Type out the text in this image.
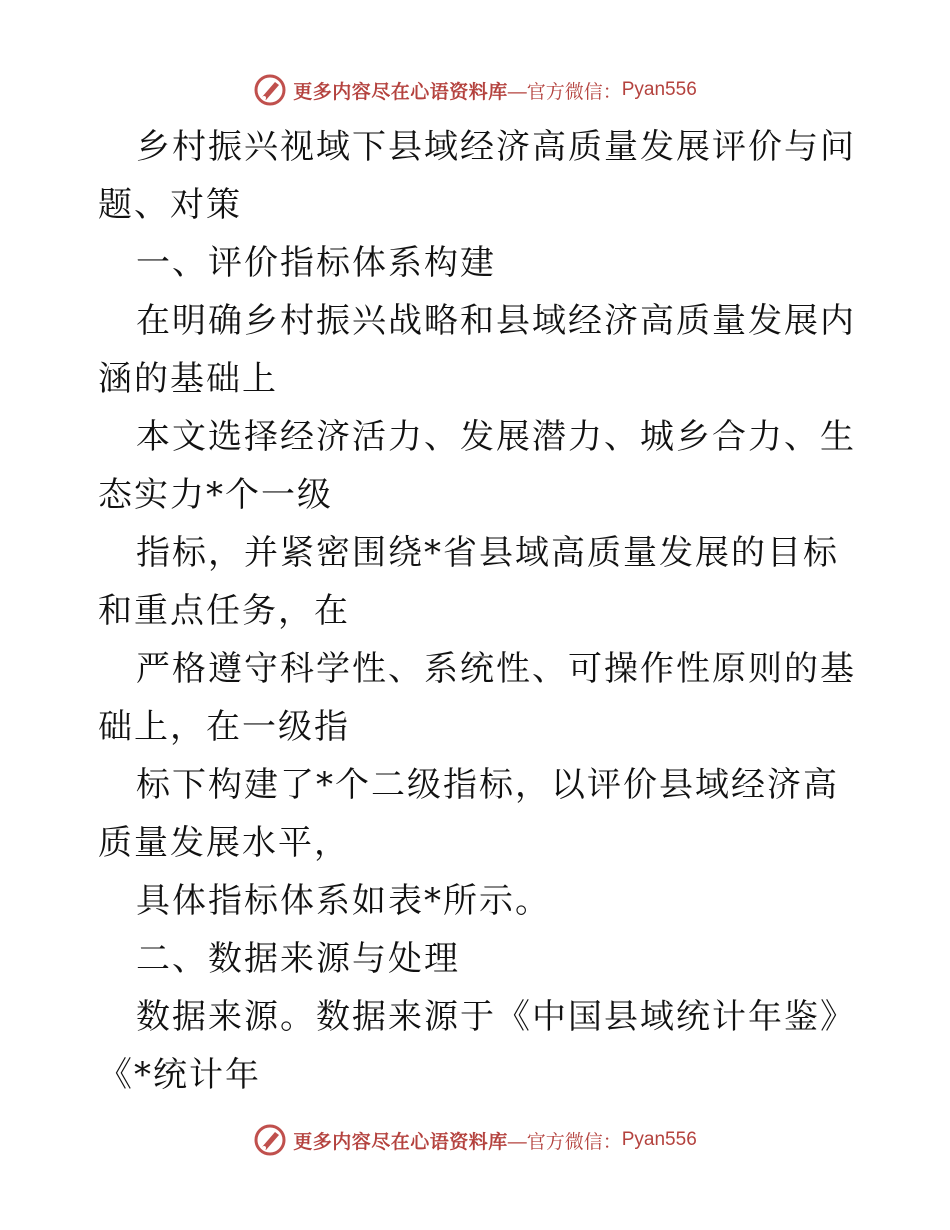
更多内容尽在心语资料库 —官方微信： Pyan556

乡村振兴视域下县域经济高质量发展评价与问题、对策

一、评价指标体系构建

在明确乡村振兴战略和县域经济高质量发展内涵的基础上

本文选择经济活力、发展潜力、城乡合力、生态实力*个一级

指标，并紧密围绕*省县域高质量发展的目标和重点任务，在

严格遵守科学性、系统性、可操作性原则的基础上，在一级指

标下构建了*个二级指标，以评价县域经济高质量发展水平，

具体指标体系如表*所示。

二、数据来源与处理

数据来源。数据来源于《中国县域统计年鉴》《*统计年

更多内容尽在心语资料库 —官方微信： Pyan556
